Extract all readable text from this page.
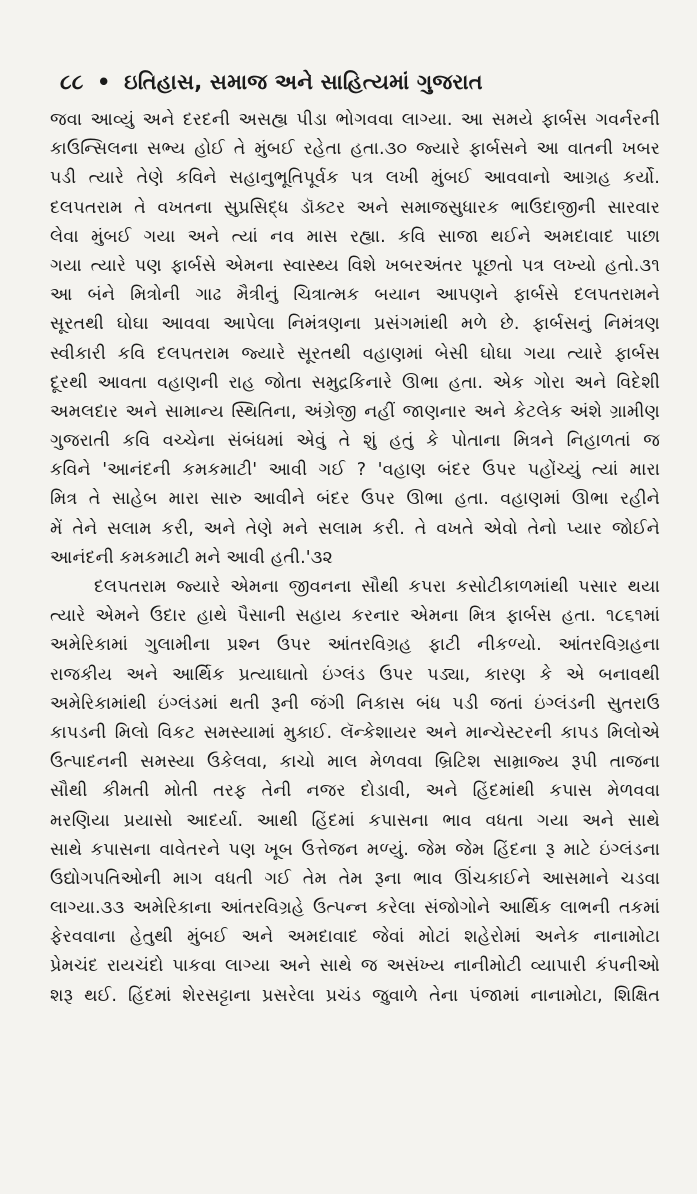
૮૮ • ઇતિહાસ, સમાજ અને સાહિત્યમાં ગુજરાત
જવા આવ્યું અને દરદની અસહ્ય પીડા ભોગવવા લાગ્યા. આ સમયે ફાર્બસ ગવર્નરની
કાઉન્સિલના સભ્ય હોઈ તે મુંબઈ રહેતા હતા.૩૦ જ્યારે ફાર્બસને આ વાતની ખબર
પડી ત્યારે તેણે કવિને સહાનુભૂતિપૂર્વક પત્ર લખી મુંબઈ આવવાનો આગ્રહ કર્યો.
દલપતરામ તે વખતના સુપ્રસિદ્ધ ડૉક્ટર અને સમાજસુધારક ભાઉદાજીની સારવાર
લેવા મુંબઈ ગયા અને ત્યાં નવ માસ રહ્યા. કવિ સાજા થઈને અમદાવાદ પાછા
ગયા ત્યારે પણ ફાર્બસે એમના સ્વાસ્થ્ય વિશે ખબરઅંતર પૂછતો પત્ર લખ્યો હતો.૩૧
આ બંને મિત્રોની ગાઢ મૈત્રીનું ચિત્રાત્મક બયાન આપણને ફાર્બસે દલપતરામને
સૂરતથી ઘોઘા આવવા આપેલા નિમંત્રણના પ્રસંગમાંથી મળે છે. ફાર્બસનું નિમંત્રણ
સ્વીકારી કવિ દલપતરામ જ્યારે સૂરતથી વહાણમાં બેસી ઘોઘા ગયા ત્યારે ફાર્બસ
દૂરથી આવતા વહાણની રાહ જોતા સમુદ્રકિનારે ઊભા હતા. એક ગોરા અને વિદેશી
અમલદાર અને સામાન્ય સ્થિતિના, અંગ્રેજી નહીં જાણનાર અને કેટલેક અંશે ગ્રામીણ
ગુજરાતી કવિ વચ્ચેના સંબંધમાં એવું તે શું હતું કે પોતાના મિત્રને નિહાળતાં જ
કવિને 'આનંદની કમકમાટી' આવી ગઈ ? 'વહાણ બંદર ઉપર પહોંચ્યું ત્યાં મારા
મિત્ર તે સાહેબ મારા સારુ આવીને બંદર ઉપર ઊભા હતા. વહાણમાં ઊભા રહીને
મેં તેને સલામ કરી, અને તેણે મને સલામ કરી. તે વખતે એવો તેનો પ્યાર જોઈને
આનંદની કમકમાટી મને આવી હતી.'૩૨
દલપતરામ જ્યારે એમના જીવનના સૌથી કપરા કસોટીકાળમાંથી પસાર થયા
ત્યારે એમને ઉદાર હાથે પૈસાની સહાય કરનાર એમના મિત્ર ફાર્બસ હતા. ૧૮૬૧માં
અમેરિકામાં ગુલામીના પ્રશ્ન ઉપર આંતરવિગ્રહ ફાટી નીકળ્યો. આંતરવિગ્રહના
રાજકીય અને આર્થિક પ્રત્યાઘાતો ઇંગ્લંડ ઉપર પડ્યા, કારણ કે એ બનાવથી
અમેરિકામાંથી ઇંગ્લંડમાં થતી રૂની જંગી નિકાસ બંધ પડી જતાં ઇંગ્લંડની સુતરાઉ
કાપડની મિલો વિકટ સમસ્યામાં મુકાઈ. લૅન્કેશાયર અને માન્ચેસ્ટરની કાપડ મિલોએ
ઉત્પાદનની સમસ્યા ઉકેલવા, કાચો માલ મેળવવા બ્રિટિશ સામ્રાજ્ય રૂપી તાજના
સૌથી કીમતી મોતી તરફ તેની નજર દોડાવી, અને હિંદમાંથી કપાસ મેળવવા
મરણિયા પ્રયાસો આદર્યા. આથી હિંદમાં કપાસના ભાવ વધતા ગયા અને સાથે
સાથે કપાસના વાવેતરને પણ ખૂબ ઉત્તેજન મળ્યું. જેમ જેમ હિંદના રૂ માટે ઇંગ્લંડના
ઉદ્યોગપતિઓની માગ વધતી ગઈ તેમ તેમ રૂના ભાવ ઊંચકાઈને આસમાને ચડવા
લાગ્યા.૩૩ અમેરિકાના આંતરવિગ્રહે ઉત્પન્ન કરેલા સંજોગોને આર્થિક લાભની તકમાં
ફેરવવાના હેતુથી મુંબઈ અને અમદાવાદ જેવાં મોટાં શહેરોમાં અનેક નાનામોટા
પ્રેમચંદ રાયચંદો પાકવા લાગ્યા અને સાથે જ અસંખ્ય નાનીમોટી વ્યાપારી કંપનીઓ
શરૂ થઈ. હિંદમાં શેરસટ્ટાના પ્રસરેલા પ્રચંડ જુવાળે તેના પંજામાં નાનામોટા, શિક્ષિત
